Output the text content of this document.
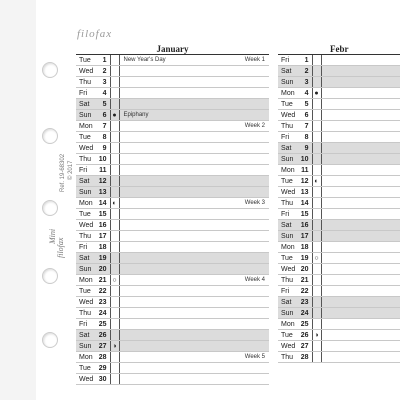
filofax
Ref. 19-68302 © 2017
Mini
filofax
January	Febr
Tue	1		New Year's Day Week 1

Wed	2		

Thu	3		

Fri	4		

Sat	5		

Sun	6	●	Epiphany

Mon	7		Week 2

Tue	8		

Wed	9		

Thu	10		

Fri	11		

Sat	12		

Sun	13		

Mon	14	◐	Week 3

Tue	15		

Wed	16		

Thu	17		

Fri	18		

Sat	19		

Sun	20		

Mon	21	○	Week 4

Tue	22		

Wed	23		

Thu	24		

Fri	25		

Sat	26		

Sun	27	◑	

Mon	28		Week 5

Tue	29		

Wed	30		
Fri	1		
Sat	2		
Sun	3		
Mon	4	●	
Tue	5		
Wed	6		
Thu	7		
Fri	8		
Sat	9		
Sun	10		
Mon	11		
Tue	12	◐	
Wed	13		
Thu	14		
Fri	15		
Sat	16		
Sun	17		
Mon	18		
Tue	19	○	
Wed	20		
Thu	21		
Fri	22		
Sat	23		
Sun	24		
Mon	25		
Tue	26	◑	
Wed	27		
Thu	28		
